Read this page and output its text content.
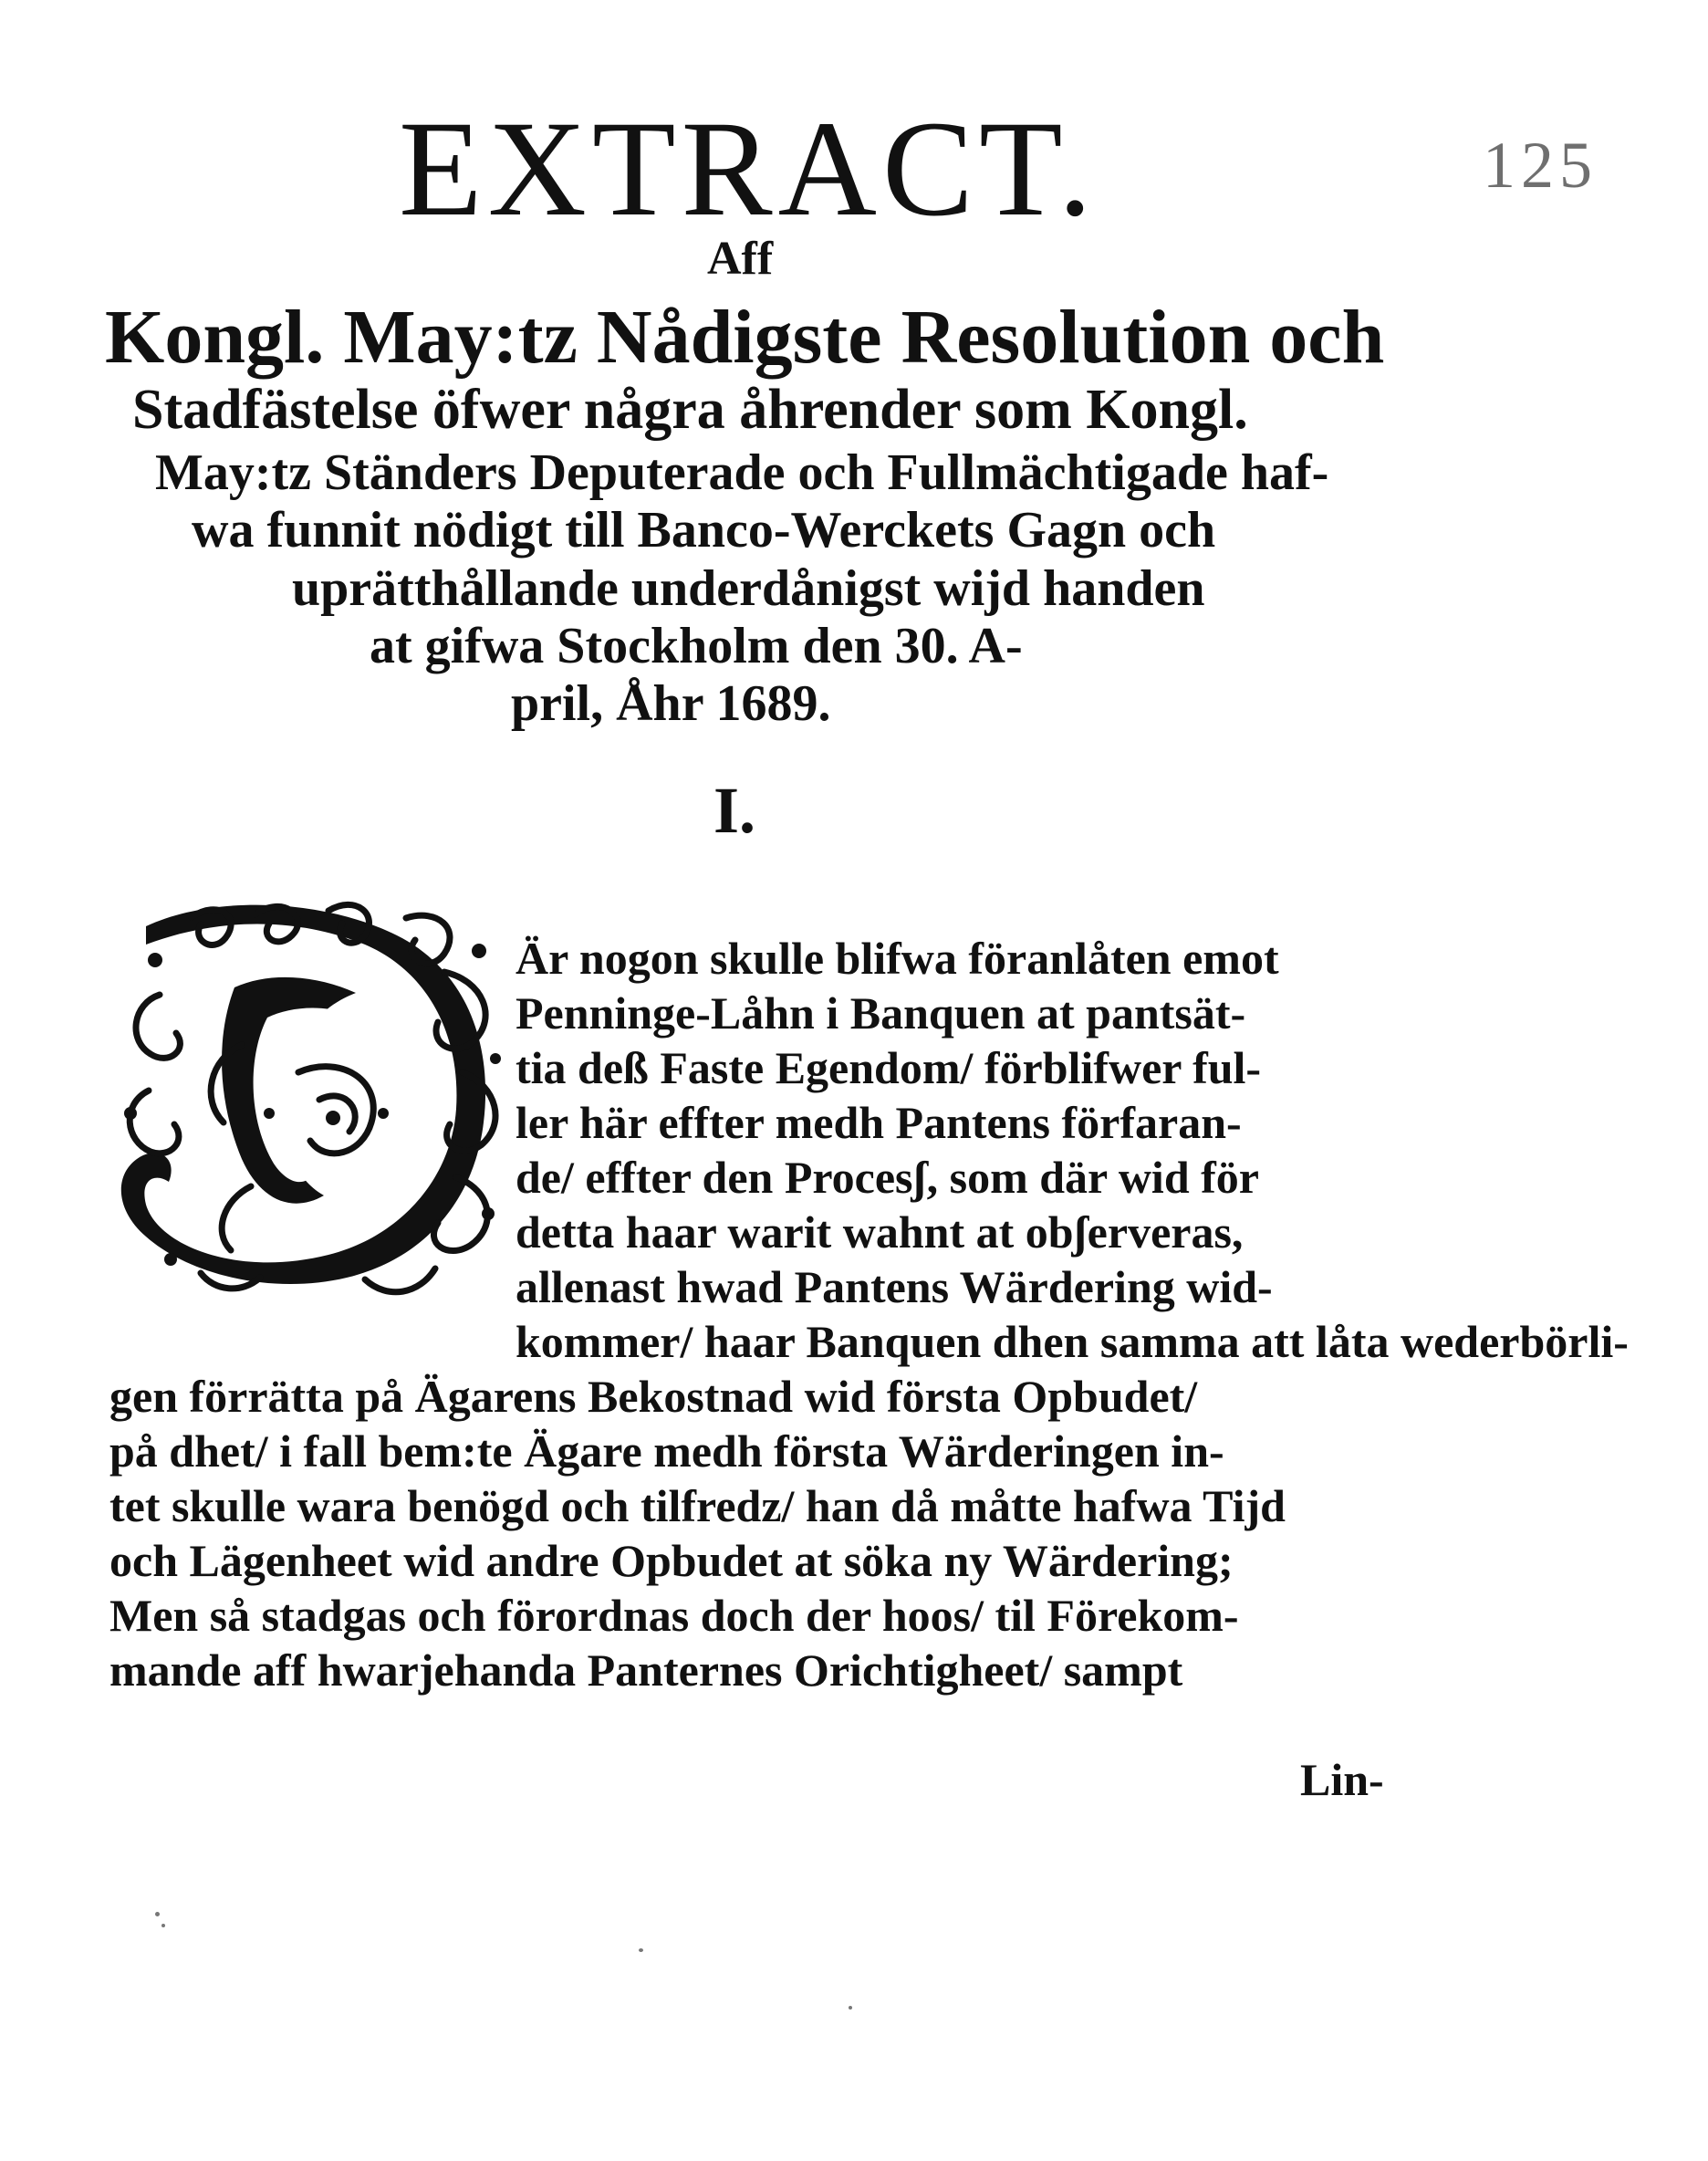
EXTRACT.	125
Aff
Kongl. May:tz Nådigste Resolution och
Stadfästelse öfwer några åhrender som Kongl.
May:tz Ständers Deputerade och Fullmächtigade haf-
wa funnit nödigt till Banco-Werckets Gagn och
uprätthållande underdånigst wijd handen
at gifwa Stockholm den 30. A-
pril, Åhr 1689.
I.
Är nogon skulle blifwa föranlåten emot
Penninge-Låhn i Banquen at pantsät-
tia deß Faste Egendom/ förblifwer ful-
ler här effter medh Pantens förfaran-
de/ effter den Procesʃ, som där wid för
detta haar warit wahnt at obʃerveras,
allenast hwad Pantens Wärdering wid-
kommer/ haar Banquen dhen samma att låta wederbörli-
gen förrätta på Ägarens Bekostnad wid första Opbudet/
på dhet/ i fall bem:te Ägare medh första Wärderingen in-
tet skulle wara benögd och tilfredz/ han då måtte hafwa Tijd
och Lägenheet wid andre Opbudet at söka ny Wärdering;
Men så stadgas och förordnas doch der hoos/ til Förekom-
mande aff hwarjehanda Panternes Orichtigheet/ sampt
Lin-
